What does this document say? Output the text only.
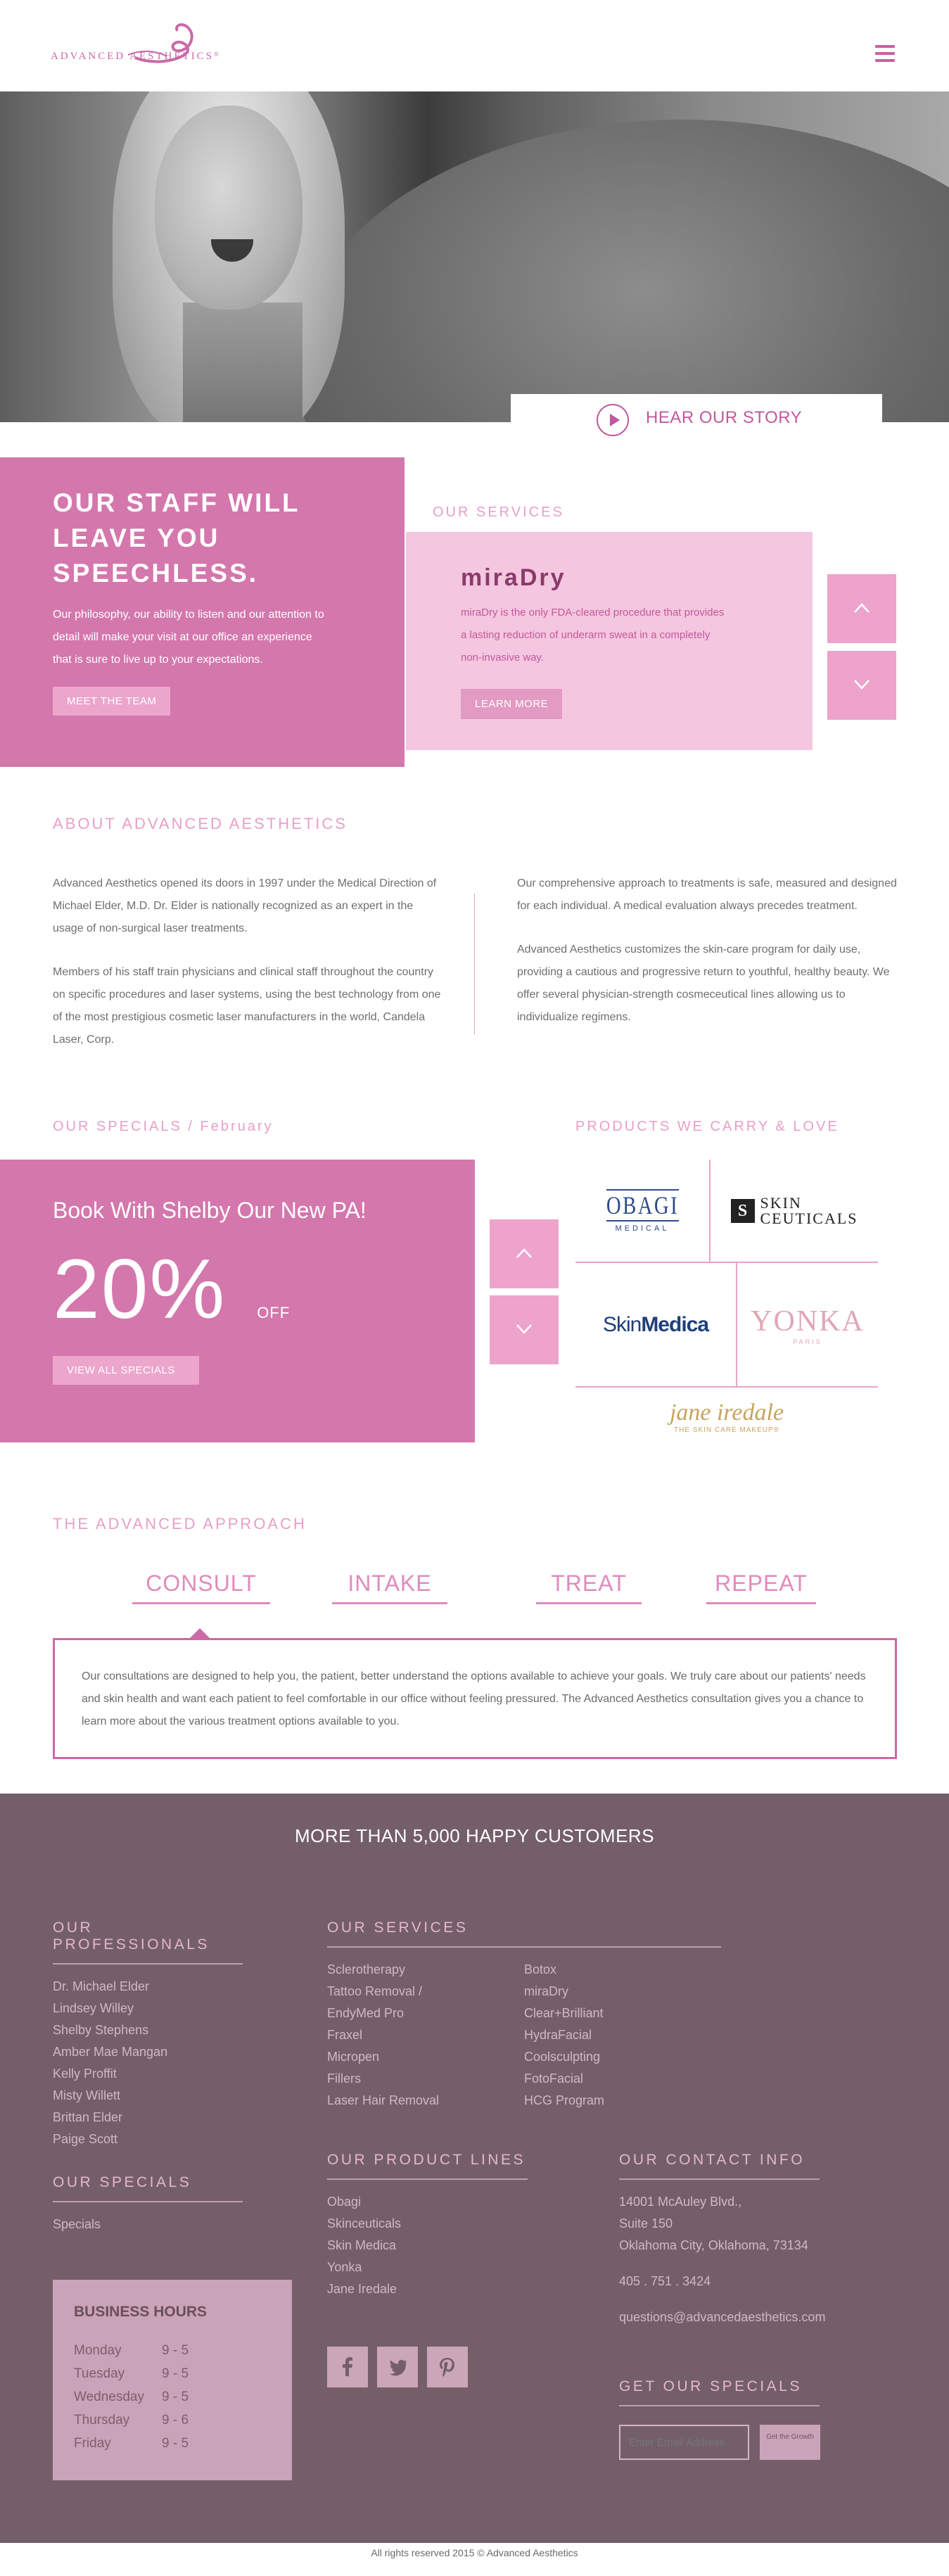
ADVANCED AESTHETICS®
HEAR OUR STORY
OUR STAFF WILL LEAVE YOU SPEECHLESS.

Our philosophy, our ability to listen and our attention to detail will make your visit at our office an experience that is sure to live up to your expectations.

MEET THE TEAM
OUR SERVICES
miraDry

miraDry is the only FDA-cleared procedure that provides a lasting reduction of underarm sweat in a completely non-invasive way.

LEARN MORE
ABOUT ADVANCED AESTHETICS

Advanced Aesthetics opened its doors in 1997 under the Medical Direction of Michael Elder, M.D. Dr. Elder is nationally recognized as an expert in the usage of non-surgical laser treatments.

Members of his staff train physicians and clinical staff throughout the country on specific procedures and laser systems, using the best technology from one of the most prestigious cosmetic laser manufacturers in the world, Candela Laser, Corp.

Our comprehensive approach to treatments is safe, measured and designed for each individual. A medical evaluation always precedes treatment.

Advanced Aesthetics customizes the skin-care program for daily use, providing a cautious and progressive return to youthful, healthy beauty. We offer several physician-strength cosmeceutical lines allowing us to individualize regimens.

OUR SPECIALS / February
Book With Shelby Our New PA!
20% OFF
VIEW ALL SPECIALS
PRODUCTS WE CARRY & LOVE
OBAGI
MEDICAL
S SKIN
CEUTICALS
Skin Medica YONKA
PARIS
jane iredale
THE SKIN CARE MAKEUP®
THE ADVANCED APPROACH
CONSULT	INTAKE	TREAT	REPEAT
Our consultations are designed to help you, the patient, better understand the options available to achieve your goals. We truly care about our patients' needs and skin health and want each patient to feel comfortable in our office without feeling pressured. The Advanced Aesthetics consultation gives you a chance to learn more about the various treatment options available to you.
MORE THAN 5,000 HAPPY CUSTOMERS
OUR PROFESSIONALS
Dr. Michael Elder
Lindsey Willey
Shelby Stephens
Amber Mae Mangan
Kelly Proffit
Misty Willett
Brittan Elder
Paige Scott
OUR SERVICES
Sclerotherapy
Tattoo Removal /
EndyMed Pro
Fraxel
Micropen
Fillers
Laser Hair Removal
Botox
miraDry
Clear+Brilliant
HydraFacial
Coolsculpting
FotoFacial
HCG Program
OUR SPECIALS
Specials
OUR PRODUCT LINES
Obagi
Skinceuticals
Skin Medica
Yonka
Jane Iredale
OUR CONTACT INFO
14001 McAuley Blvd.,
Suite 150
Oklahoma City, Oklahoma, 73134
405 . 751 . 3424
questions@advancedaesthetics.com
GET OUR SPECIALS
Enter Email Address
Get the Growth
BUSINESS HOURS
Monday	9 - 5
Tuesday	9 - 5
Wednesday	9 - 5
Thursday	9 - 6
Friday	9 - 5
All rights reserved 2015 © Advanced Aesthetics
